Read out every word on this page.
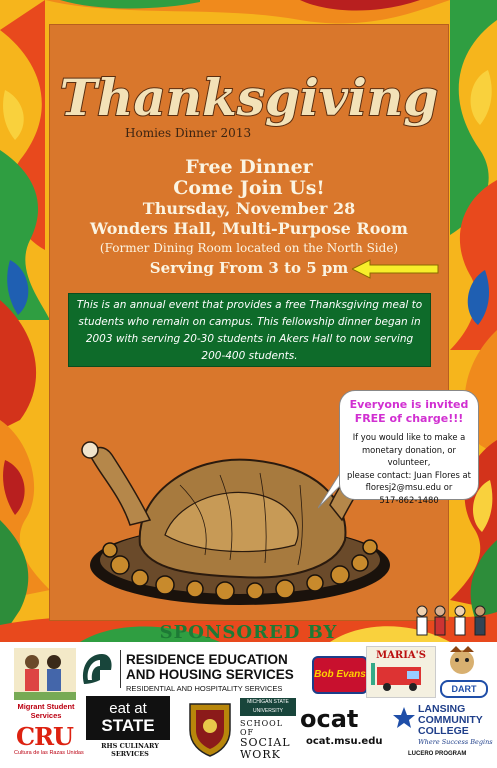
Thanksgiving
Homies Dinner 2013
Free Dinner
Come Join Us!
Thursday, November 28
Wonders Hall, Multi-Purpose Room
(Former Dining Room located on the North Side)
Serving From 3 to 5 pm
This is an annual event that provides a free Thanksgiving meal to students who remain on campus. This fellowship dinner began in 2003 with serving 20-30 students in Akers Hall to now serving 200-400 students.
Everyone is invited
FREE of charge!!!
If you would like to make a
monetary donation, or volunteer,
please contact: Juan Flores at
floresj2@msu.edu or
517-862-1480
SPONSORED BY
RESIDENCE EDUCATION
AND HOUSING SERVICES
RESIDENTIAL AND HOSPITALITY SERVICES
Bob Evans
MARIA'S
DART
Migrant Student Services
CRU
Cultura de las Razas Unidas
eat at
STATE
RHS CULINARY SERVICES
MICHIGAN STATE UNIVERSITY
SCHOOL OF
SOCIAL
WORK
ocat
ocat.msu.edu
LANSING
COMMUNITY
COLLEGE
Where Success Begins
LUCERO PROGRAM
